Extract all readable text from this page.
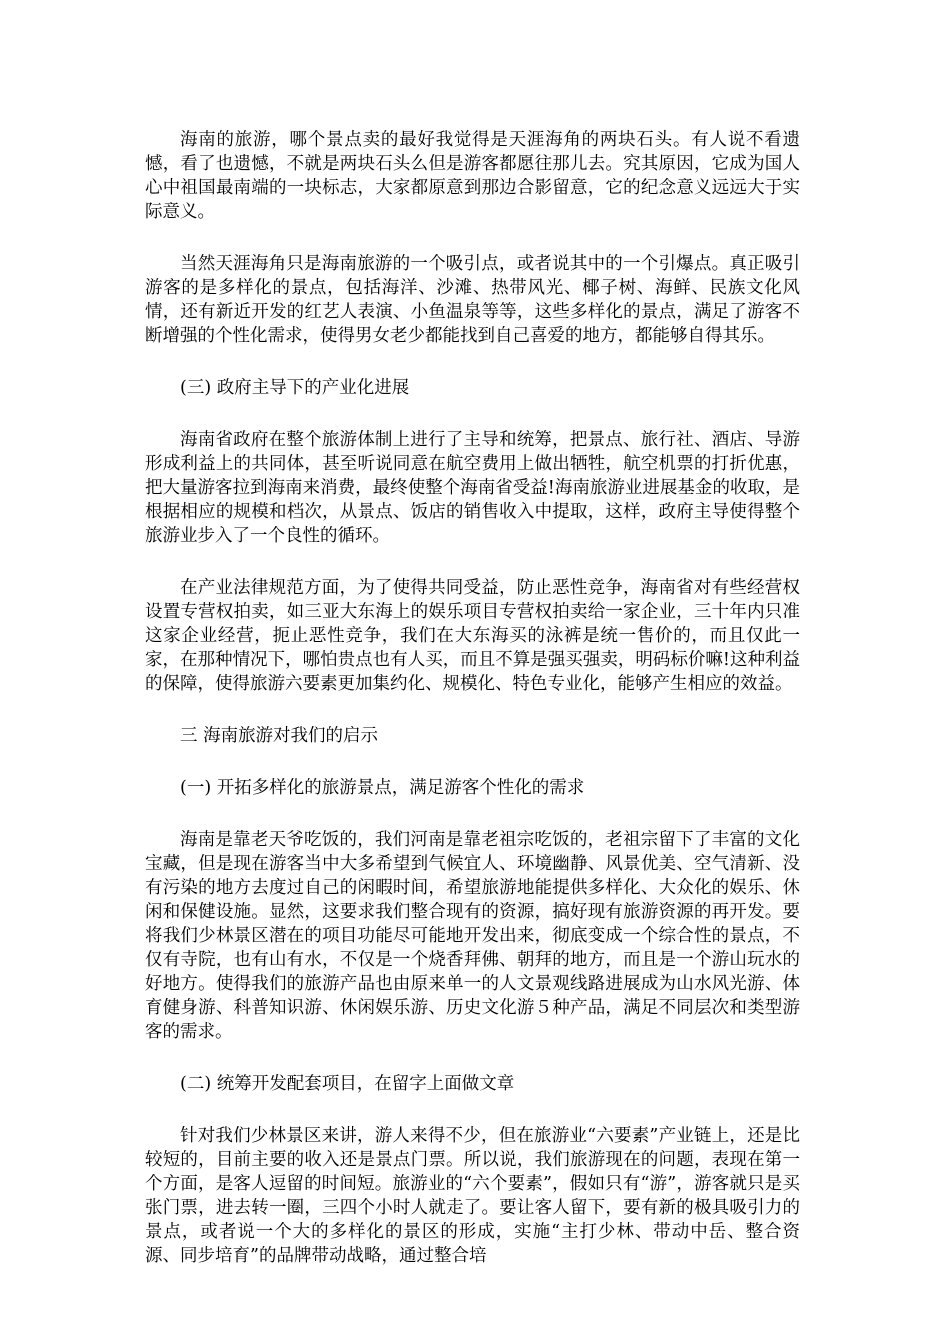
海南的旅游，哪个景点卖的最好我觉得是天涯海角的两块石头。有人说不看遗憾，看了也遗憾，不就是两块石头么但是游客都愿往那儿去。究其原因，它成为国人心中祖国最南端的一块标志，大家都原意到那边合影留意，它的纪念意义远远大于实际意义。

当然天涯海角只是海南旅游的一个吸引点，或者说其中的一个引爆点。真正吸引游客的是多样化的景点，包括海洋、沙滩、热带风光、椰子树、海鲜、民族文化风情，还有新近开发的红艺人表演、小鱼温泉等等，这些多样化的景点，满足了游客不断增强的个性化需求，使得男女老少都能找到自己喜爱的地方，都能够自得其乐。

(三) 政府主导下的产业化进展

海南省政府在整个旅游体制上进行了主导和统筹，把景点、旅行社、酒店、导游形成利益上的共同体，甚至听说同意在航空费用上做出牺牲，航空机票的打折优惠，把大量游客拉到海南来消费，最终使整个海南省受益!海南旅游业进展基金的收取，是根据相应的规模和档次，从景点、饭店的销售收入中提取，这样，政府主导使得整个旅游业步入了一个良性的循环。

在产业法律规范方面，为了使得共同受益，防止恶性竞争，海南省对有些经营权设置专营权拍卖，如三亚大东海上的娱乐项目专营权拍卖给一家企业，三十年内只准这家企业经营，扼止恶性竞争，我们在大东海买的泳裤是统一售价的，而且仅此一家，在那种情况下，哪怕贵点也有人买，而且不算是强买强卖，明码标价嘛!这种利益的保障，使得旅游六要素更加集约化、规模化、特色专业化，能够产生相应的效益。

三 海南旅游对我们的启示

(一) 开拓多样化的旅游景点，满足游客个性化的需求

海南是靠老天爷吃饭的，我们河南是靠老祖宗吃饭的，老祖宗留下了丰富的文化宝藏，但是现在游客当中大多希望到气候宜人、环境幽静、风景优美、空气清新、没有污染的地方去度过自己的闲暇时间，希望旅游地能提供多样化、大众化的娱乐、休闲和保健设施。显然，这要求我们整合现有的资源，搞好现有旅游资源的再开发。要将我们少林景区潜在的项目功能尽可能地开发出来，彻底变成一个综合性的景点，不仅有寺院，也有山有水，不仅是一个烧香拜佛、朝拜的地方，而且是一个游山玩水的好地方。使得我们的旅游产品也由原来单一的人文景观线路进展成为山水风光游、体育健身游、科普知识游、休闲娱乐游、历史文化游５种产品，满足不同层次和类型游客的需求。

(二) 统筹开发配套项目，在留字上面做文章

针对我们少林景区来讲，游人来得不少，但在旅游业“六要素”产业链上，还是比较短的，目前主要的收入还是景点门票。所以说，我们旅游现在的问题，表现在第一个方面，是客人逗留的时间短。旅游业的“六个要素”，假如只有“游”，游客就只是买张门票，进去转一圈，三四个小时人就走了。要让客人留下，要有新的极具吸引力的景点，或者说一个大的多样化的景区的形成，实施“主打少林、带动中岳、整合资源、同步培育”的品牌带动战略，通过整合培
